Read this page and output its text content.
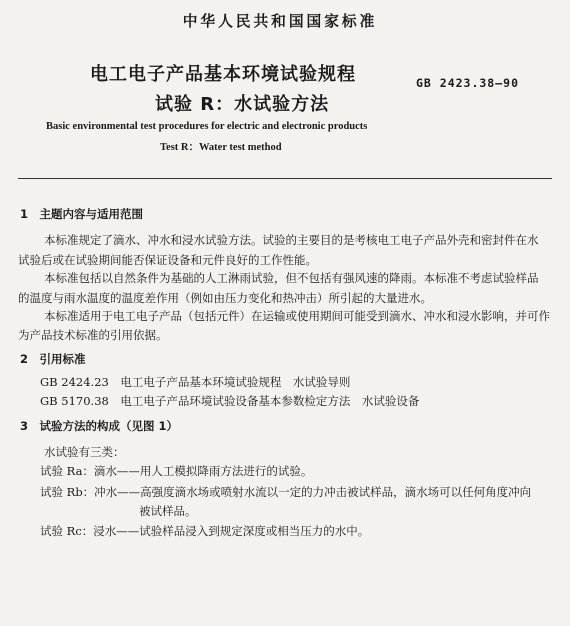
中华人民共和国国家标准
电工电子产品基本环境试验规程
试验 R：水试验方法
GB 2423.38—90
Basic environmental test procedures for electric and electronic products
Test R：Water test method
1　主题内容与适用范围
本标准规定了滴水、冲水和浸水试验方法。试验的主要目的是考核电工电子产品外壳和密封件在水
试验后或在试验期间能否保证设备和元件良好的工作性能。
本标准包括以自然条件为基础的人工淋雨试验，但不包括有强风速的降雨。本标准不考虑试验样品
的温度与雨水温度的温度差作用（例如由压力变化和热冲击）所引起的大量进水。
本标准适用于电工电子产品（包括元件）在运输或使用期间可能受到滴水、冲水和浸水影响，并可作
为产品技术标准的引用依据。
2　引用标准
GB 2424.23　电工电子产品基本环境试验规程　水试验导则
GB 5170.38　电工电子产品环境试验设备基本参数检定方法　水试验设备
3　试验方法的构成（见图 1）
水试验有三类：
试验 Ra：滴水——用人工模拟降雨方法进行的试验。
试验 Rb：冲水——高强度滴水场或喷射水流以一定的力冲击被试样品，滴水场可以任何角度冲向
被试样品。
试验 Rc：浸水——试验样品浸入到规定深度或相当压力的水中。
